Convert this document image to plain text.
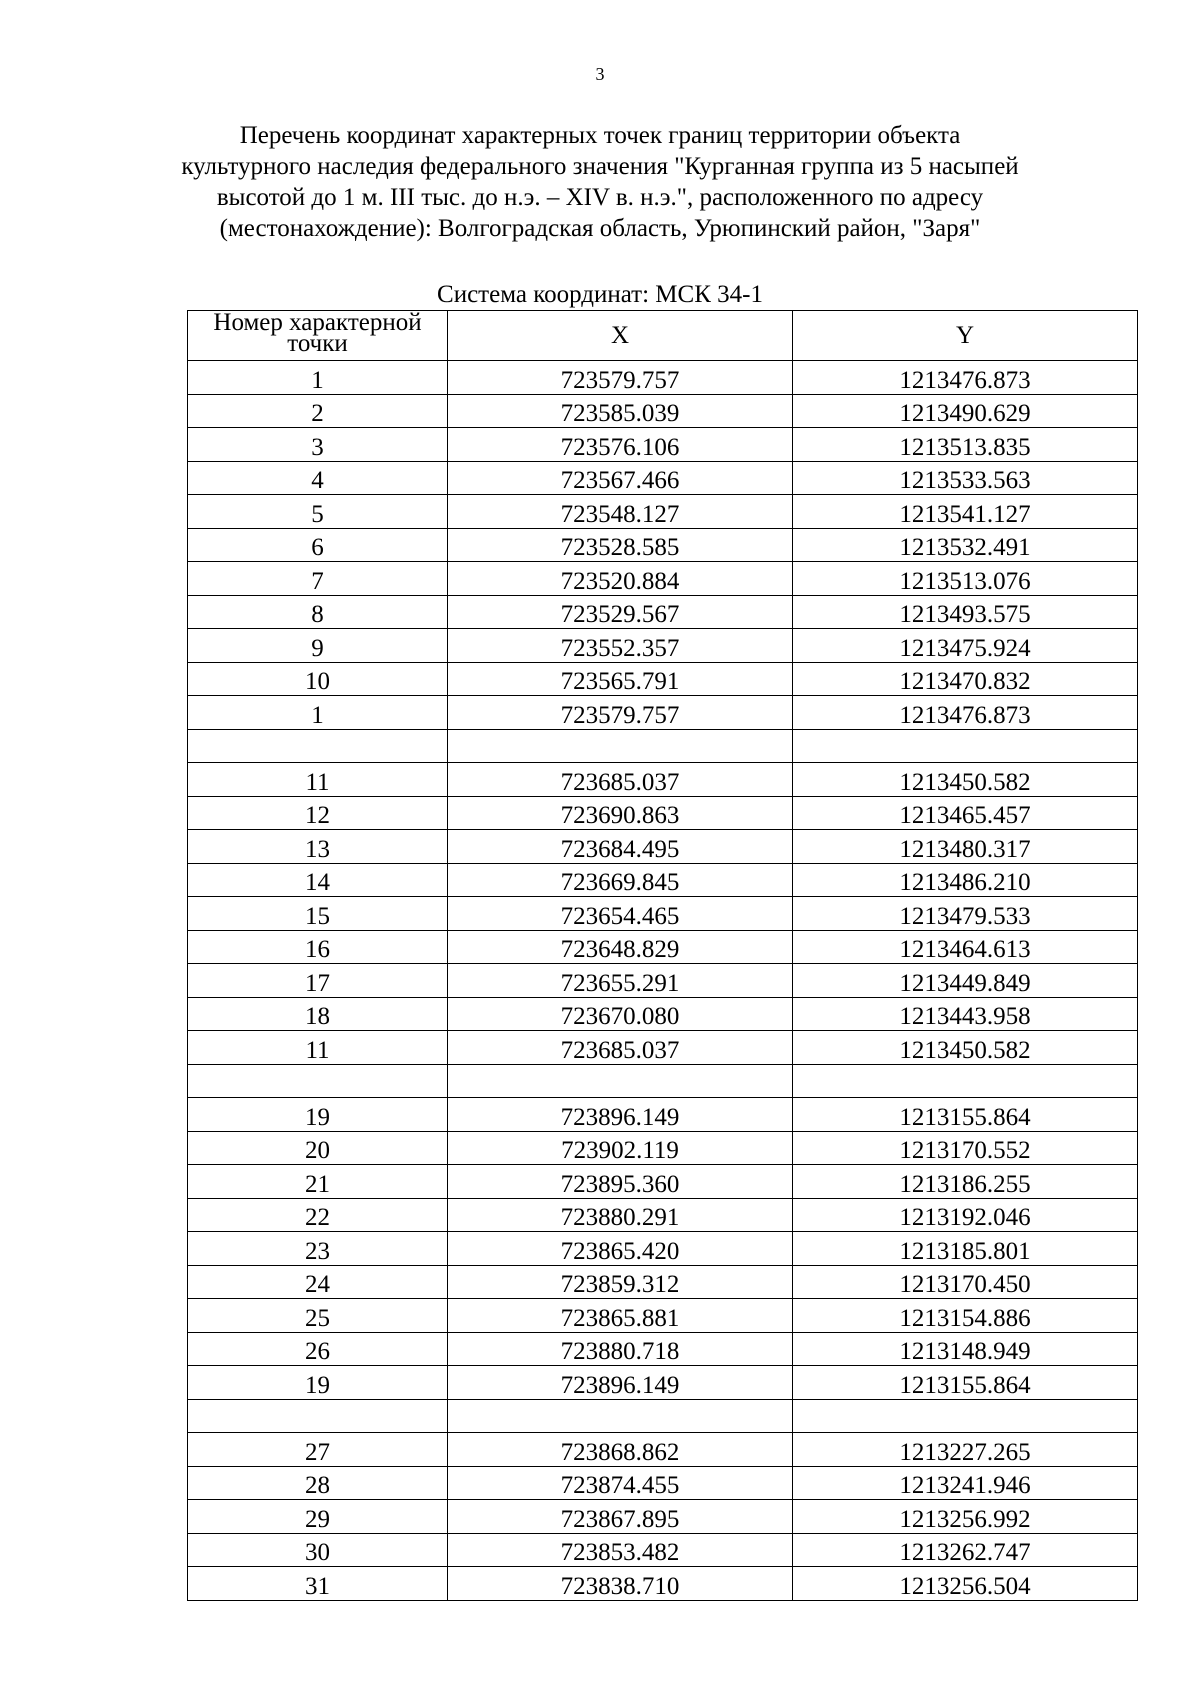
3
Перечень координат характерных точек границ территории объекта
культурного наследия федерального значения "Курганная группа из 5 насыпей
высотой до 1 м. III тыс. до н.э. – XIV в. н.э.", расположенного по адресу
(местонахождение): Волгоградская область, Урюпинский район, "Заря"
Система координат: МСК 34-1
Номер характерной точки	X	Y
1	723579.757	1213476.873
2	723585.039	1213490.629
3	723576.106	1213513.835
4	723567.466	1213533.563
5	723548.127	1213541.127
6	723528.585	1213532.491
7	723520.884	1213513.076
8	723529.567	1213493.575
9	723552.357	1213475.924
10	723565.791	1213470.832
1	723579.757	1213476.873

11	723685.037	1213450.582
12	723690.863	1213465.457
13	723684.495	1213480.317
14	723669.845	1213486.210
15	723654.465	1213479.533
16	723648.829	1213464.613
17	723655.291	1213449.849
18	723670.080	1213443.958
11	723685.037	1213450.582

19	723896.149	1213155.864
20	723902.119	1213170.552
21	723895.360	1213186.255
22	723880.291	1213192.046
23	723865.420	1213185.801
24	723859.312	1213170.450
25	723865.881	1213154.886
26	723880.718	1213148.949
19	723896.149	1213155.864

27	723868.862	1213227.265
28	723874.455	1213241.946
29	723867.895	1213256.992
30	723853.482	1213262.747
31	723838.710	1213256.504
